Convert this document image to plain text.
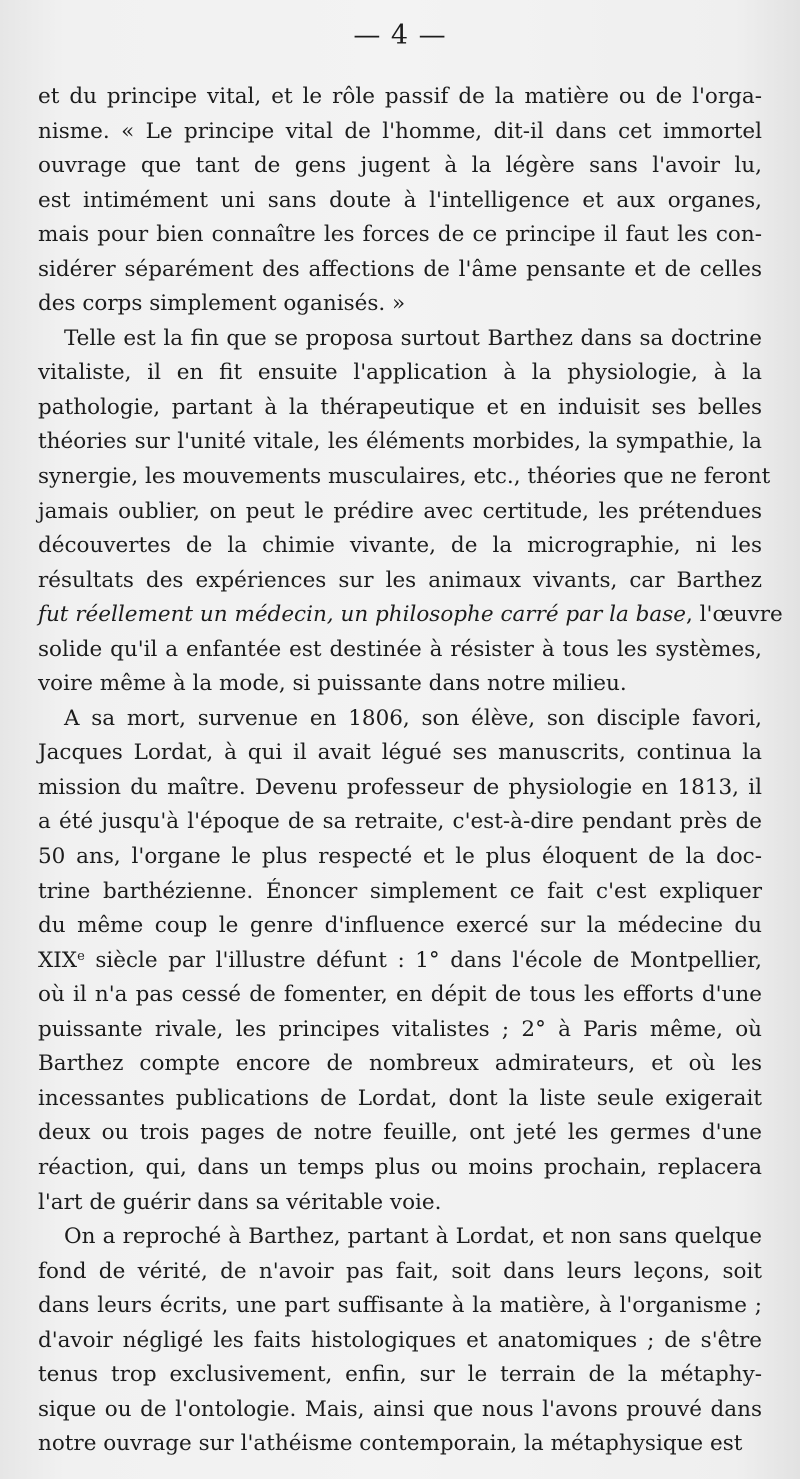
— 4 —
et du principe vital, et le rôle passif de la matière ou de l'orga-
nisme. « Le principe vital de l'homme, dit-il dans cet immortel
ouvrage que tant de gens jugent à la légère sans l'avoir lu,
est intimément uni sans doute à l'intelligence et aux organes,
mais pour bien connaître les forces de ce principe il faut les con-
sidérer séparément des affections de l'âme pensante et de celles
des corps simplement oganisés. »
Telle est la fin que se proposa surtout Barthez dans sa doctrine
vitaliste, il en fit ensuite l'application à la physiologie, à la
pathologie, partant à la thérapeutique et en induisit ses belles
théories sur l'unité vitale, les éléments morbides, la sympathie, la
synergie, les mouvements musculaires, etc., théories que ne feront
jamais oublier, on peut le prédire avec certitude, les prétendues
découvertes de la chimie vivante, de la micrographie, ni les
résultats des expériences sur les animaux vivants, car Barthez
fut réellement un médecin, un philosophe carré par la base, l'œuvre
solide qu'il a enfantée est destinée à résister à tous les systèmes,
voire même à la mode, si puissante dans notre milieu.
A sa mort, survenue en 1806, son élève, son disciple favori,
Jacques Lordat, à qui il avait légué ses manuscrits, continua la
mission du maître. Devenu professeur de physiologie en 1813, il
a été jusqu'à l'époque de sa retraite, c'est-à-dire pendant près de
50 ans, l'organe le plus respecté et le plus éloquent de la doc-
trine barthézienne. Énoncer simplement ce fait c'est expliquer
du même coup le genre d'influence exercé sur la médecine du
XIXe siècle par l'illustre défunt : 1° dans l'école de Montpellier,
où il n'a pas cessé de fomenter, en dépit de tous les efforts d'une
puissante rivale, les principes vitalistes ; 2° à Paris même, où
Barthez compte encore de nombreux admirateurs, et où les
incessantes publications de Lordat, dont la liste seule exigerait
deux ou trois pages de notre feuille, ont jeté les germes d'une
réaction, qui, dans un temps plus ou moins prochain, replacera
l'art de guérir dans sa véritable voie.
On a reproché à Barthez, partant à Lordat, et non sans quelque
fond de vérité, de n'avoir pas fait, soit dans leurs leçons, soit
dans leurs écrits, une part suffisante à la matière, à l'organisme ;
d'avoir négligé les faits histologiques et anatomiques ; de s'être
tenus trop exclusivement, enfin, sur le terrain de la métaphy-
sique ou de l'ontologie. Mais, ainsi que nous l'avons prouvé dans
notre ouvrage sur l'athéisme contemporain, la métaphysique est
